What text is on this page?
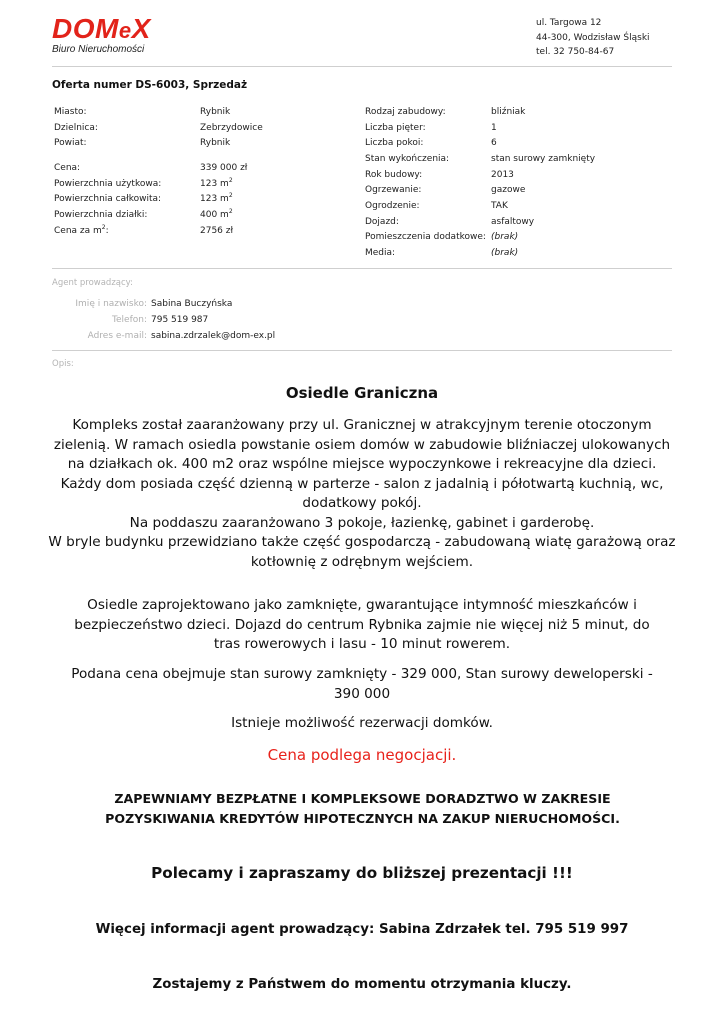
DOMeX
Biuro Nieruchomości
ul. Targowa 12
44-300, Wodzisław Śląski
tel. 32 750-84-67
Oferta numer DS-6003, Sprzedaż
Miasto:	Rybnik
Dzielnica:	Zebrzydowice
Powiat:	Rybnik
Cena:	339 000 zł
Powierzchnia użytkowa:	123 $m^2$
Powierzchnia całkowita:	123 $m^2$
Powierzchnia działki:	400 $m^2$
Cena za $m^2$:	2756 zł
Rodzaj zabudowy:	bliźniak
Liczba pięter:	1
Liczba pokoi:	6
Stan wykończenia:	stan surowy zamknięty
Rok budowy:	2013
Ogrzewanie:	gazowe
Ogrodzenie:	TAK
Dojazd:	asfaltowy
Pomieszczenia dodatkowe: (brak)
Media:	(brak)
Agent prowadzący:
Imię i nazwisko: Sabina Buczyńska
Telefon: 795 519 987
Adres e-mail: sabina.zdrzalek@dom-ex.pl
Opis:
Osiedle Graniczna
Kompleks został zaaranżowany przy ul. Granicznej w atrakcyjnym terenie otoczonym zielenią. W ramach osiedla powstanie osiem domów w zabudowie bliźniaczej ulokowanych na działkach ok. 400 m2 oraz wspólne miejsce wypoczynkowe i rekreacyjne dla dzieci. Każdy dom posiada część dzienną w parterze - salon z jadalnią i półotwartą kuchnią, wc, dodatkowy pokój.
Na poddaszu zaaranżowano 3 pokoje, łazienkę, gabinet i garderobę.
W bryle budynku przewidziano także część gospodarczą - zabudowaną wiatę garażową oraz kotłownię z odrębnym wejściem.
Osiedle zaprojektowano jako zamknięte, gwarantujące intymność mieszkańców i bezpieczeństwo dzieci. Dojazd do centrum Rybnika zajmie nie więcej niż 5 minut, do tras rowerowych i lasu - 10 minut rowerem.
Podana cena obejmuje stan surowy zamknięty - 329 000, Stan surowy deweloperski - 390 000
Istnieje możliwość rezerwacji domków.
Cena podlega negocjacji.
ZAPEWNIAMY BEZPŁATNE I KOMPLEKSOWE DORADZTWO W ZAKRESIE POZYSKIWANIA KREDYTÓW HIPOTECZNYCH NA ZAKUP NIERUCHOMOŚCI.
Polecamy i zapraszamy do bliższej prezentacji !!!
Więcej informacji agent prowadzący: Sabina Zdrzałek tel. 795 519 997
Zostajemy z Państwem do momentu otrzymania kluczy.
